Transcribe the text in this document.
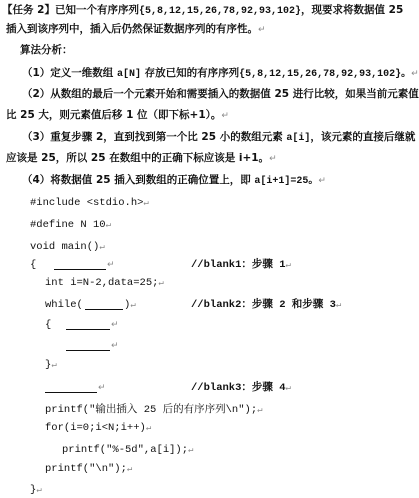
【任务 2】已知一个有序序列{5,8,12,15,26,78,92,93,102}，现要求将数据值 25
插入到该序列中，插入后仍然保证数据序列的有序性。↵
算法分析：
（1）定义一维数组 a[N] 存放已知的有序序列{5,8,12,15,26,78,92,93,102}。↵
（2）从数组的最后一个元素开始和需要插入的数据值 25 进行比较，如果当前元素值
比 25 大，则元素值后移 1 位（即下标+1）。↵
（3）重复步骤 2，直到找到第一个比 25 小的数组元素 a[i]，该元素的直接后继就
应该是 25，所以 25 在数组中的正确下标应该是 i+1。↵
（4）将数据值 25 插入到数组的正确位置上，即 a[i+1]=25。↵
#include <stdio.h>↵
#define N 10↵
void main()↵
{	↵	//blank1：步骤 1↵
int i=N-2,data=25;↵
while(	)↵	//blank2：步骤 2 和步骤 3↵
{	↵
↵
}↵
↵	//blank3：步骤 4↵
printf("输出插入 25 后的有序序列\n");↵
for(i=0;i<N;i++)↵
printf("%-5d",a[i]);↵
printf("\n");↵
}↵
